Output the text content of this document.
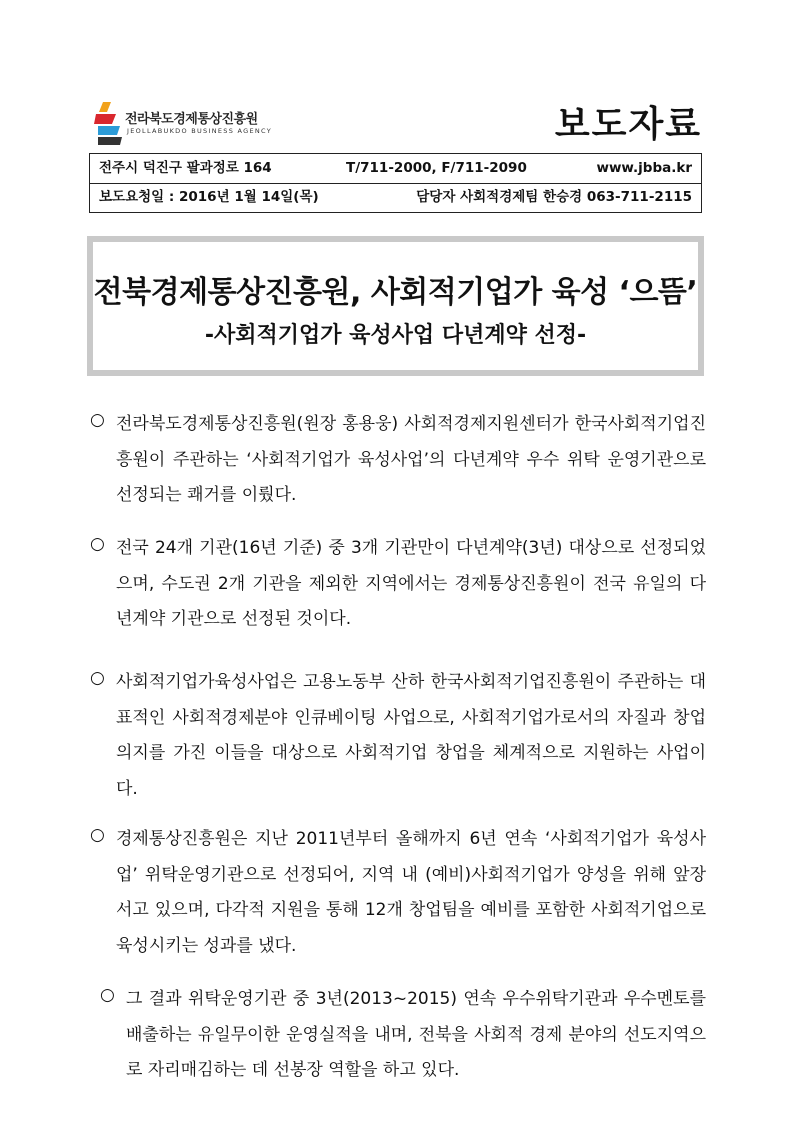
전라북도경제통상진흥원
JEOLLABUKDO BUSINESS AGENCY	보도자료
전주시 덕진구 팔과정로 164	T/711-2000, F/711-2090	www.jbba.kr
보도요청일 : 2016년 1월 14일(목)	담당자 사회적경제팀 한승경 063-711-2115
전북경제통상진흥원, 사회적기업가 육성 ‘으뜸’
-사회적기업가 육성사업 다년계약 선정-
○ 전라북도경제통상진흥원(원장 홍용웅) 사회적경제지원센터가 한국사회적기업진흥원이 주관하는 ‘사회적기업가 육성사업’의 다년계약 우수 위탁 운영기관으로 선정되는 쾌거를 이뤘다.
○ 전국 24개 기관(16년 기준) 중 3개 기관만이 다년계약(3년) 대상으로 선정되었으며, 수도권 2개 기관을 제외한 지역에서는 경제통상진흥원이 전국 유일의 다년계약 기관으로 선정된 것이다.
○ 사회적기업가육성사업은 고용노동부 산하 한국사회적기업진흥원이 주관하는 대표적인 사회적경제분야 인큐베이팅 사업으로, 사회적기업가로서의 자질과 창업의지를 가진 이들을 대상으로 사회적기업 창업을 체계적으로 지원하는 사업이다.
○ 경제통상진흥원은 지난 2011년부터 올해까지 6년 연속 ‘사회적기업가 육성사업’ 위탁운영기관으로 선정되어, 지역 내 (예비)사회적기업가 양성을 위해 앞장서고 있으며, 다각적 지원을 통해 12개 창업팀을 예비를 포함한 사회적기업으로 육성시키는 성과를 냈다.
○ 그 결과 위탁운영기관 중 3년(2013~2015) 연속 우수위탁기관과 우수멘토를 배출하는 유일무이한 운영실적을 내며, 전북을 사회적 경제 분야의 선도지역으로 자리매김하는 데 선봉장 역할을 하고 있다.
